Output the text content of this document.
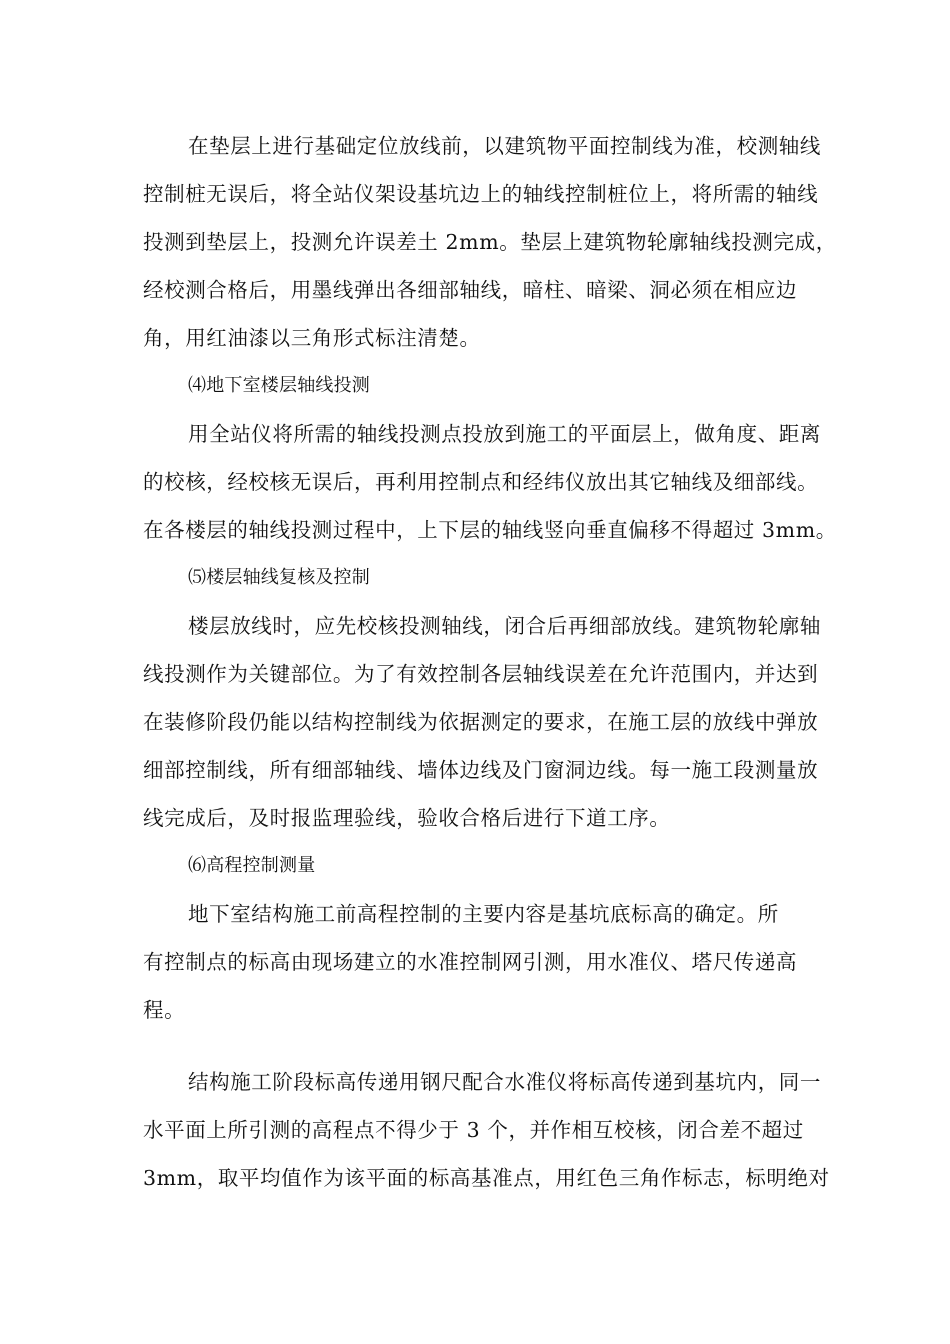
在垫层上进行基础定位放线前，以建筑物平面控制线为准，校测轴线
控制桩无误后，将全站仪架设基坑边上的轴线控制桩位上，将所需的轴线
投测到垫层上，投测允许误差土 2mm。垫层上建筑物轮廓轴线投测完成，
经校测合格后，用墨线弹出各细部轴线，暗柱、暗梁、洞必须在相应边
角，用红油漆以三角形式标注清楚。
⑷地下室楼层轴线投测
用全站仪将所需的轴线投测点投放到施工的平面层上，做角度、距离
的校核，经校核无误后，再利用控制点和经纬仪放出其它轴线及细部线。
在各楼层的轴线投测过程中，上下层的轴线竖向垂直偏移不得超过 3mm。
⑸楼层轴线复核及控制
楼层放线时，应先校核投测轴线，闭合后再细部放线。建筑物轮廓轴
线投测作为关键部位。为了有效控制各层轴线误差在允许范围内，并达到
在装修阶段仍能以结构控制线为依据测定的要求，在施工层的放线中弹放
细部控制线，所有细部轴线、墙体边线及门窗洞边线。每一施工段测量放
线完成后，及时报监理验线，验收合格后进行下道工序。
⑹高程控制测量
地下室结构施工前高程控制的主要内容是基坑底标高的确定。所
有控制点的标高由现场建立的水准控制网引测，用水准仪、塔尺传递高
程。
结构施工阶段标高传递用钢尺配合水准仪将标高传递到基坑内，同一
水平面上所引测的高程点不得少于 3 个，并作相互校核，闭合差不超过
3mm，取平均值作为该平面的标高基准点，用红色三角作标志，标明绝对
